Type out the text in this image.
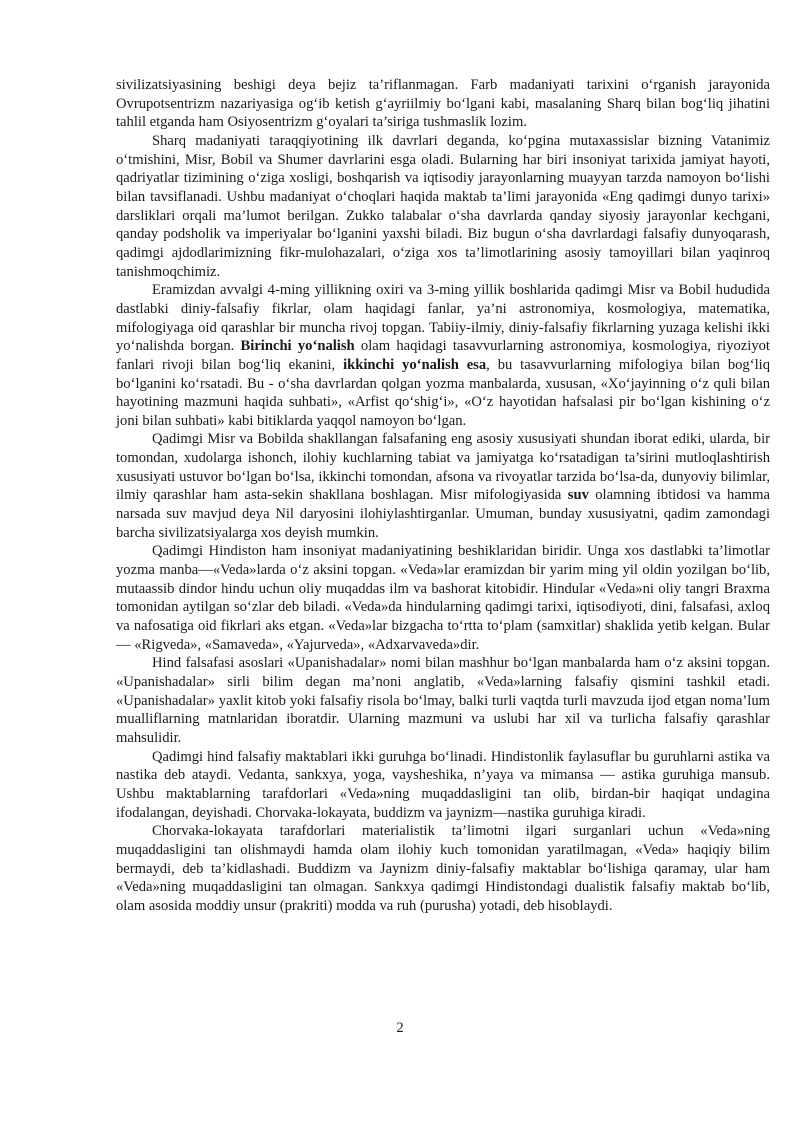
sivilizatsiyasining beshigi deya bejiz ta’riflanmagan. Farb madaniyati tarixini o‘rganish jarayonida Ovrupotsentrizm nazariyasiga og‘ib ketish g‘ayriilmiy bo‘lgani kabi, masalaning Sharq bilan bog‘liq jihatini tahlil etganda ham Osiyosentrizm g‘oyalari ta’siriga tushmaslik lozim.

Sharq madaniyati taraqqiyotining ilk davrlari deganda, ko‘pgina mutaxassislar bizning Vatanimiz o‘tmishini, Misr, Bobil va Shumer davrlarini esga oladi. Bularning har biri insoniyat tarixida jamiyat hayoti, qadriyatlar tizimining o‘ziga xosligi, boshqarish va iqtisodiy jarayonlarning muayyan tarzda namoyon bo‘lishi bilan tavsiflanadi. Ushbu madaniyat o‘choqlari haqida maktab ta’limi jarayonida «Eng qadimgi dunyo tarixi» darsliklari orqali ma’lumot berilgan. Zukko talabalar o‘sha davrlarda qanday siyosiy jarayonlar kechgani, qanday podsholik va imperiyalar bo‘lganini yaxshi biladi. Biz bugun o‘sha davrlardagi falsafiy dunyoqarash, qadimgi ajdodlarimizning fikr-mulohazalari, o‘ziga xos ta’limotlarining asosiy tamoyillari bilan yaqinroq tanishmoqchimiz.

Eramizdan avvalgi 4-ming yillikning oxiri va 3-ming yillik boshlarida qadimgi Misr va Bobil hududida dastlabki diniy-falsafiy fikrlar, olam haqidagi fanlar, ya’ni astronomiya, kosmologiya, matematika, mifologiyaga oid qarashlar bir muncha rivoj topgan. Tabiiy-ilmiy, diniy-falsafiy fikrlarning yuzaga kelishi ikki yo‘nalishda borgan. Birinchi yo‘nalish olam haqidagi tasavvurlarning astronomiya, kosmologiya, riyoziyot fanlari rivoji bilan bog‘liq ekanini, ikkinchi yo‘nalish esa, bu tasavvurlarning mifologiya bilan bog‘liq bo‘lganini ko‘rsatadi. Bu - o‘sha davrlardan qolgan yozma manbalarda, xususan, «Xo‘jayinning o‘z quli bilan hayotining mazmuni haqida suhbati», «Arfist qo‘shig‘i», «O‘z hayotidan hafsalasi pir bo‘lgan kishining o‘z joni bilan suhbati» kabi bitiklarda yaqqol namoyon bo‘lgan.

Qadimgi Misr va Bobilda shakllangan falsafaning eng asosiy xususiyati shundan iborat ediki, ularda, bir tomondan, xudolarga ishonch, ilohiy kuchlarning tabiat va jamiyatga ko‘rsatadigan ta’sirini mutloqlashtirish xususiyati ustuvor bo‘lgan bo‘lsa, ikkinchi tomondan, afsona va rivoyatlar tarzida bo‘lsa-da, dunyoviy bilimlar, ilmiy qarashlar ham asta-sekin shakllana boshlagan. Misr mifologiyasida suv olamning ibtidosi va hamma narsada suv mavjud deya Nil daryosini ilohiylashtirganlar. Umuman, bunday xususiyatni, qadim zamondagi barcha sivilizatsiyalarga xos deyish mumkin.

Qadimgi Hindiston ham insoniyat madaniyatining beshiklaridan biridir. Unga xos dastlabki ta’limotlar yozma manba—«Veda»larda o‘z aksini topgan. «Veda»lar eramizdan bir yarim ming yil oldin yozilgan bo‘lib, mutaassib dindor hindu uchun oliy muqaddas ilm va bashorat kitobidir. Hindular «Veda»ni oliy tangri Braxma tomonidan aytilgan so‘zlar deb biladi. «Veda»da hindularning qadimgi tarixi, iqtisodiyoti, dini, falsafasi, axloq va nafosatiga oid fikrlari aks etgan. «Veda»lar bizgacha to‘rtta to‘plam (samxitlar) shaklida yetib kelgan. Bular — «Rigveda», «Samaveda», «Yajurveda», «Adxarvaveda»dir.

Hind falsafasi asoslari «Upanishadalar» nomi bilan mashhur bo‘lgan manbalarda ham o‘z aksini topgan. «Upanishadalar» sirli bilim degan ma’noni anglatib, «Veda»larning falsafiy qismini tashkil etadi. «Upanishadalar» yaxlit kitob yoki falsafiy risola bo‘lmay, balki turli vaqtda turli mavzuda ijod etgan noma’lum mualliflarning matnlaridan iboratdir. Ularning mazmuni va uslubi har xil va turlicha falsafiy qarashlar mahsulidir.

Qadimgi hind falsafiy maktablari ikki guruhga bo‘linadi. Hindistonlik faylasuflar bu guruhlarni astika va nastika deb ataydi. Vedanta, sankxya, yoga, vaysheshika, n’yaya va mimansa — astika guruhiga mansub. Ushbu maktablarning tarafdorlari «Veda»ning muqaddasligini tan olib, birdan-bir haqiqat undagina ifodalangan, deyishadi. Chorvaka-lokayata, buddizm va jaynizm—nastika guruhiga kiradi.

Chorvaka-lokayata tarafdorlari materialistik ta’limotni ilgari surganlari uchun «Veda»ning muqaddasligini tan olishmaydi hamda olam ilohiy kuch tomonidan yaratilmagan, «Veda» haqiqiy bilim bermaydi, deb ta’kidlashadi. Buddizm va Jaynizm diniy-falsafiy maktablar bo‘lishiga qaramay, ular ham «Veda»ning muqaddasligini tan olmagan. Sankxya qadimgi Hindistondagi dualistik falsafiy maktab bo‘lib, olam asosida moddiy unsur (prakriti) modda va ruh (purusha) yotadi, deb hisoblaydi.

2
